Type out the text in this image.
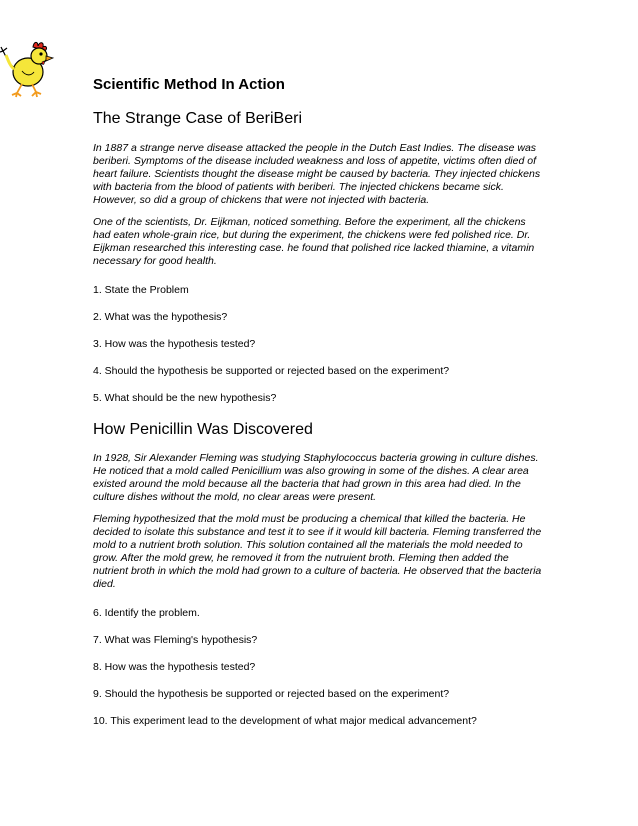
Scientific Method In Action
The Strange Case of BeriBeri

In 1887 a strange nerve disease attacked the people in the Dutch East Indies. The disease was beriberi. Symptoms of the disease included weakness and loss of appetite, victims often died of heart failure. Scientists thought the disease might be caused by bacteria. They injected chickens with bacteria from the blood of patients with beriberi. The injected chickens became sick. However, so did a group of chickens that were not injected with bacteria.

One of the scientists, Dr. Eijkman, noticed something. Before the experiment, all the chickens had eaten whole-grain rice, but during the experiment, the chickens were fed polished rice. Dr. Eijkman researched this interesting case. he found that polished rice lacked thiamine, a vitamin necessary for good health.

1. State the Problem
2. What was the hypothesis?
3. How was the hypothesis tested?
4. Should the hypothesis be supported or rejected based on the experiment?
5. What should be the new hypothesis?
How Penicillin Was Discovered

In 1928, Sir Alexander Fleming was studying Staphylococcus bacteria growing in culture dishes. He noticed that a mold called Penicillium was also growing in some of the dishes. A clear area existed around the mold because all the bacteria that had grown in this area had died. In the culture dishes without the mold, no clear areas were present.

Fleming hypothesized that the mold must be producing a chemical that killed the bacteria. He decided to isolate this substance and test it to see if it would kill bacteria. Fleming transferred the mold to a nutrient broth solution. This solution contained all the materials the mold needed to grow. After the mold grew, he removed it from the nutruient broth. Fleming then added the nutrient broth in which the mold had grown to a culture of bacteria. He observed that the bacteria died.

6. Identify the problem.
7. What was Fleming's hypothesis?
8. How was the hypothesis tested?
9. Should the hypothesis be supported or rejected based on the experiment?
10. This experiment lead to the development of what major medical advancement?
